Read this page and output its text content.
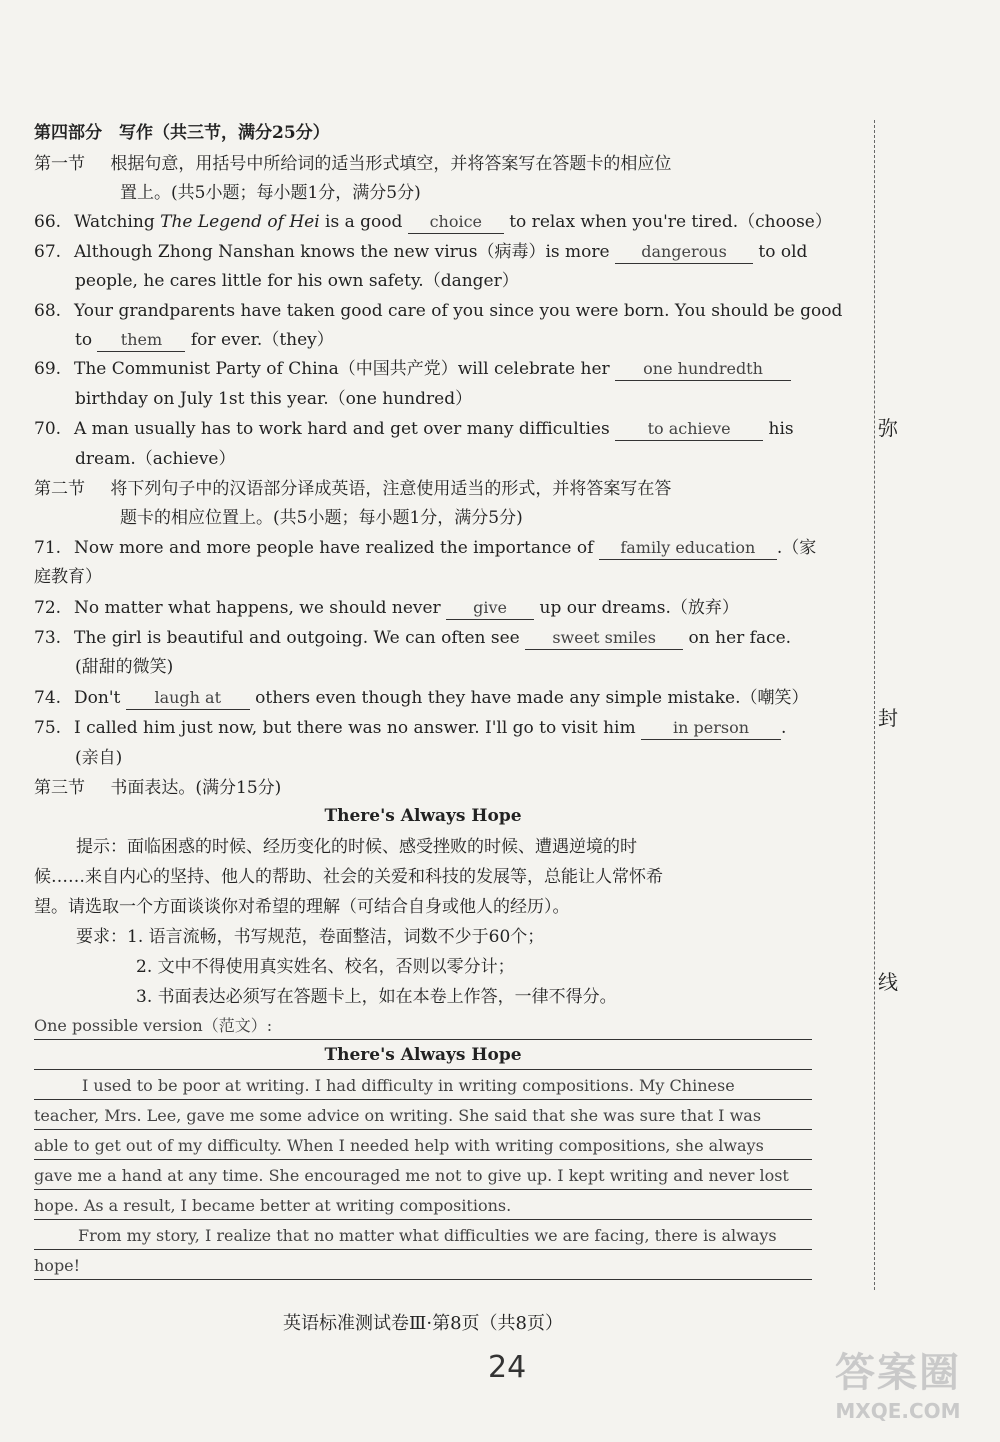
第四部分　写作（共三节，满分25分）
第一节 根据句意，用括号中所给词的适当形式填空，并将答案写在答题卡的相应位
置上。(共5小题；每小题1分，满分5分)
66. Watching The Legend of Hei is a good choice to relax when you're tired.（choose）
67. Although Zhong Nanshan knows the new virus（病毒）is more dangerous to old
people, he cares little for his own safety.（danger）
68. Your grandparents have taken good care of you since you were born. You should be good
to them for ever.（they）
69. The Communist Party of China（中国共产党）will celebrate her one hundredth
birthday on July 1st this year.（one hundred）
70. A man usually has to work hard and get over many difficulties to achieve his
dream.（achieve）
第二节 将下列句子中的汉语部分译成英语，注意使用适当的形式，并将答案写在答
题卡的相应位置上。(共5小题；每小题1分，满分5分)
71. Now more and more people have realized the importance of family education .（家
庭教育）
72. No matter what happens, we should never give up our dreams.（放弃）
73. The girl is beautiful and outgoing. We can often see sweet smiles on her face.
(甜甜的微笑)
74. Don't laugh at others even though they have made any simple mistake.（嘲笑）
75. I called him just now, but there was no answer. I'll go to visit him in person .
(亲自)
第三节 书面表达。(满分15分)
There's Always Hope
提示：面临困惑的时候、经历变化的时候、感受挫败的时候、遭遇逆境的时
候……来自内心的坚持、他人的帮助、社会的关爱和科技的发展等，总能让人常怀希
望。请选取一个方面谈谈你对希望的理解（可结合自身或他人的经历）。
要求：1. 语言流畅，书写规范，卷面整洁，词数不少于60个；
2. 文中不得使用真实姓名、校名，否则以零分计；
3. 书面表达必须写在答题卡上，如在本卷上作答，一律不得分。
One possible version（范文）:
There's Always Hope
I used to be poor at writing. I had difficulty in writing compositions. My Chinese
teacher, Mrs. Lee, gave me some advice on writing. She said that she was sure that I was
able to get out of my difficulty. When I needed help with writing compositions, she always
gave me a hand at any time. She encouraged me not to give up. I kept writing and never lost
hope. As a result, I became better at writing compositions.
From my story, I realize that no matter what difficulties we are facing, there is always
hope!
弥
封
线
英语标准测试卷Ⅲ·第8页（共8页）
24	答案圈
MXQE.COM
